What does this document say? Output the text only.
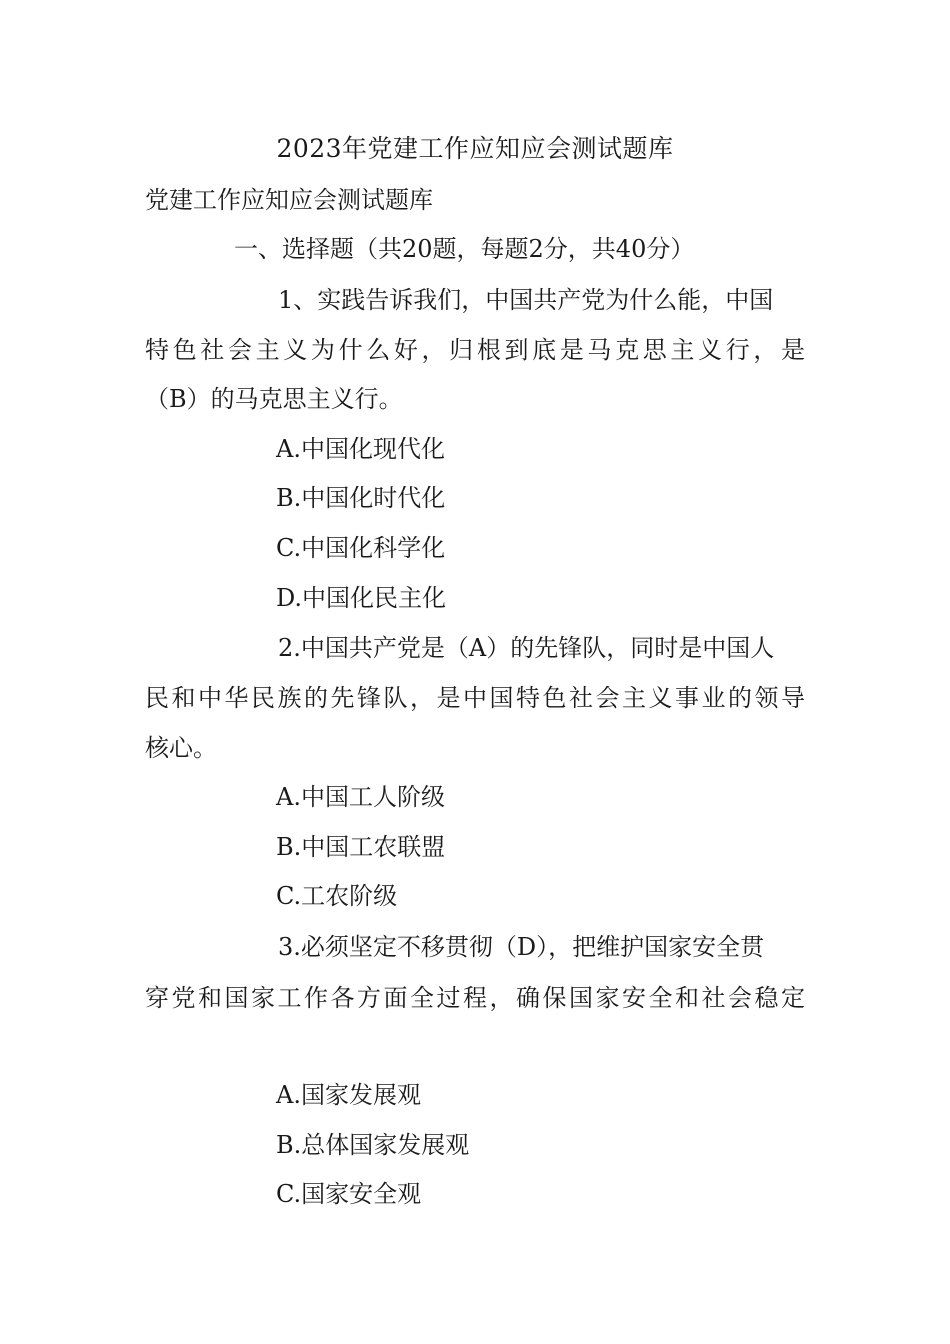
2023年党建工作应知应会测试题库
党建工作应知应会测试题库
一、选择题（共20题，每题2分，共40分）
1、实践告诉我们，中国共产党为什么能，中国
特色社会主义为什么好，归根到底是马克思主义行，是
（B）的马克思主义行。
A.中国化现代化
B.中国化时代化
C.中国化科学化
D.中国化民主化
2.中国共产党是（A）的先锋队，同时是中国人
民和中华民族的先锋队，是中国特色社会主义事业的领导
核心。
A.中国工人阶级
B.中国工农联盟
C.工农阶级
3.必须坚定不移贯彻（D），把维护国家安全贯
穿党和国家工作各方面全过程，确保国家安全和社会稳定
A.国家发展观
B.总体国家发展观
C.国家安全观
